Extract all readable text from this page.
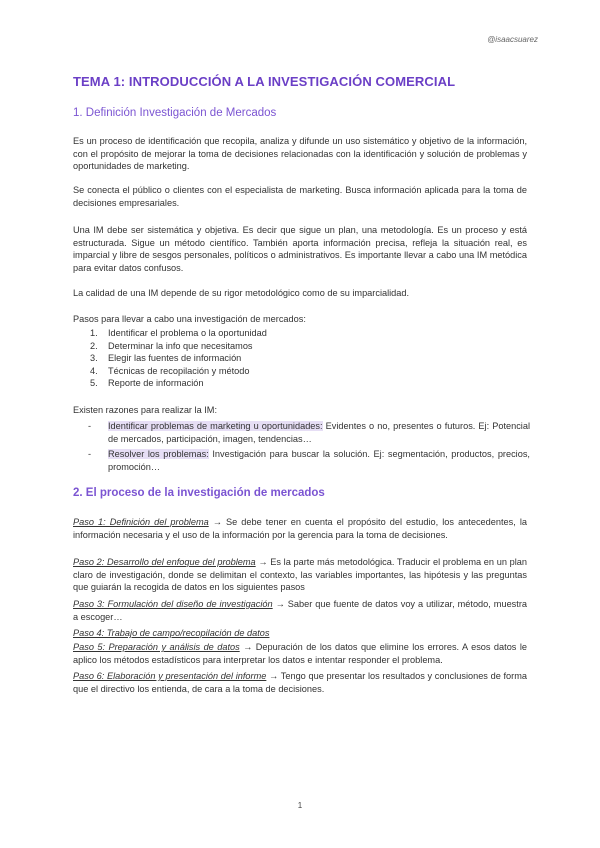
@isaacsuarez
TEMA 1: INTRODUCCIÓN A LA INVESTIGACIÓN COMERCIAL
1. Definición Investigación de Mercados

Es un proceso de identificación que recopila, analiza y difunde un uso sistemático y objetivo de la información, con el propósito de mejorar la toma de decisiones relacionadas con la identificación y solución de problemas y oportunidades de marketing.

Se conecta el público o clientes con el especialista de marketing. Busca información aplicada para la toma de decisiones empresariales.

Una IM debe ser sistemática y objetiva. Es decir que sigue un plan, una metodología. Es un proceso y está estructurada. Sigue un método científico. También aporta información precisa, refleja la situación real, es imparcial y libre de sesgos personales, políticos o administrativos. Es importante llevar a cabo una IM metódica para evitar datos confusos.

La calidad de una IM depende de su rigor metodológico como de su imparcialidad.

Pasos para llevar a cabo una investigación de mercados:

1. Identificar el problema o la oportunidad
2. Determinar la info que necesitamos
3. Elegir las fuentes de información
4. Técnicas de recopilación y método
5. Reporte de información

Existen razones para realizar la IM:

- Identificar problemas de marketing u oportunidades: Evidentes o no, presentes o futuros. Ej: Potencial de mercados, participación, imagen, tendencias…
- Resolver los problemas: Investigación para buscar la solución. Ej: segmentación, productos, precios, promoción…
2. El proceso de la investigación de mercados

Paso 1: Definición del problema → Se debe tener en cuenta el propósito del estudio, los antecedentes, la información necesaria y el uso de la información por la gerencia para la toma de decisiones.

Paso 2: Desarrollo del enfoque del problema → Es la parte más metodológica. Traducir el problema en un plan claro de investigación, donde se delimitan el contexto, las variables importantes, las hipótesis y las preguntas que guiarán la recogida de datos en los siguientes pasos

Paso 3: Formulación del diseño de investigación → Saber que fuente de datos voy a utilizar, método, muestra a escoger…

Paso 4: Trabajo de campo/recopilación de datos

Paso 5: Preparación y análisis de datos → Depuración de los datos que elimine los errores. A esos datos le aplico los métodos estadísticos para interpretar los datos e intentar responder el problema.

Paso 6: Elaboración y presentación del informe → Tengo que presentar los resultados y conclusiones de forma que el directivo los entienda, de cara a la toma de decisiones.

1
